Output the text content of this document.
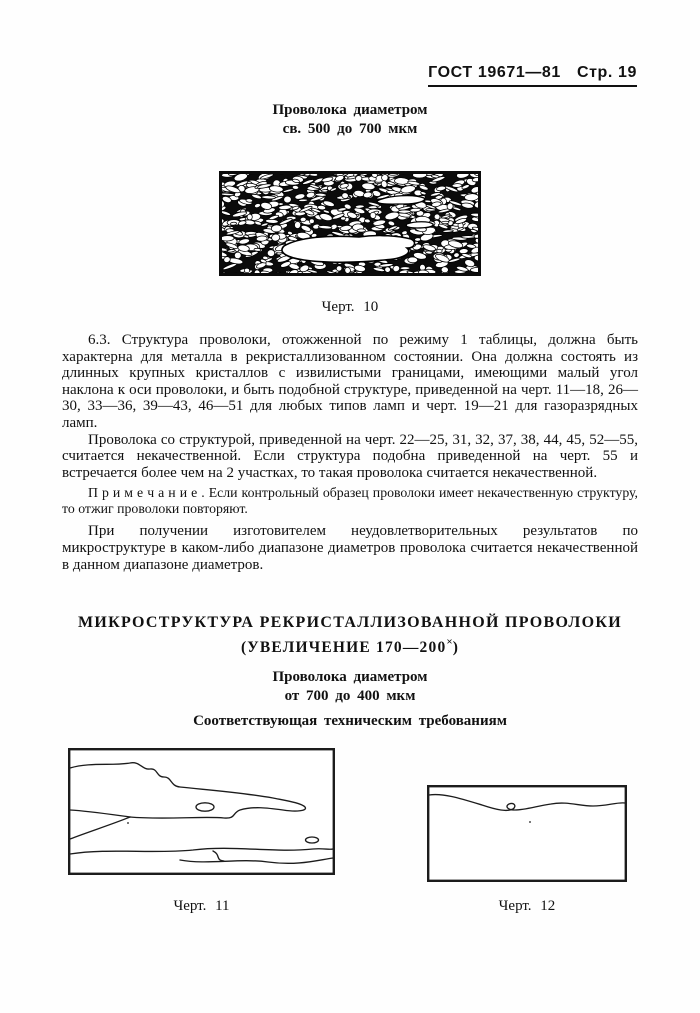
ГОСТ 19671—81 Стр. 19
Проволока диаметром
св. 500 до 700 мкм
Черт. 10

6.3. Структура проволоки, отожженной по режиму 1 таблицы, должна быть характерна для металла в рекристаллизованном состоянии. Она должна состоять из длинных крупных кристаллов с извилистыми границами, имеющими малый угол наклона к оси проволоки, и быть подобной структуре, приведенной на черт. 11—18, 26—30, 33—36, 39—43, 46—51 для любых типов ламп и черт. 19—21 для газоразрядных ламп.

Проволока со структурой, приведенной на черт. 22—25, 31, 32, 37, 38, 44, 45, 52—55, считается некачественной. Если структура подобна приведенной на черт. 55 и встречается более чем на 2 участках, то такая проволока считается некачественной.

П р и м е ч а н и е . Если контрольный образец проволоки имеет некачественную структуру, то отжиг проволоки повторяют.

При получении изготовителем неудовлетворительных результатов по микроструктуре в каком-либо диапазоне диаметров проволока считается некачественной в данном диапазоне диаметров.

МИКРОСТРУКТУРА РЕКРИСТАЛЛИЗОВАННОЙ ПРОВОЛОКИ
(УВЕЛИЧЕНИЕ 170—200×)
Проволока диаметром
от 700 до 400 мкм
Соответствующая техническим требованиям
Черт. 11	Черт. 12
